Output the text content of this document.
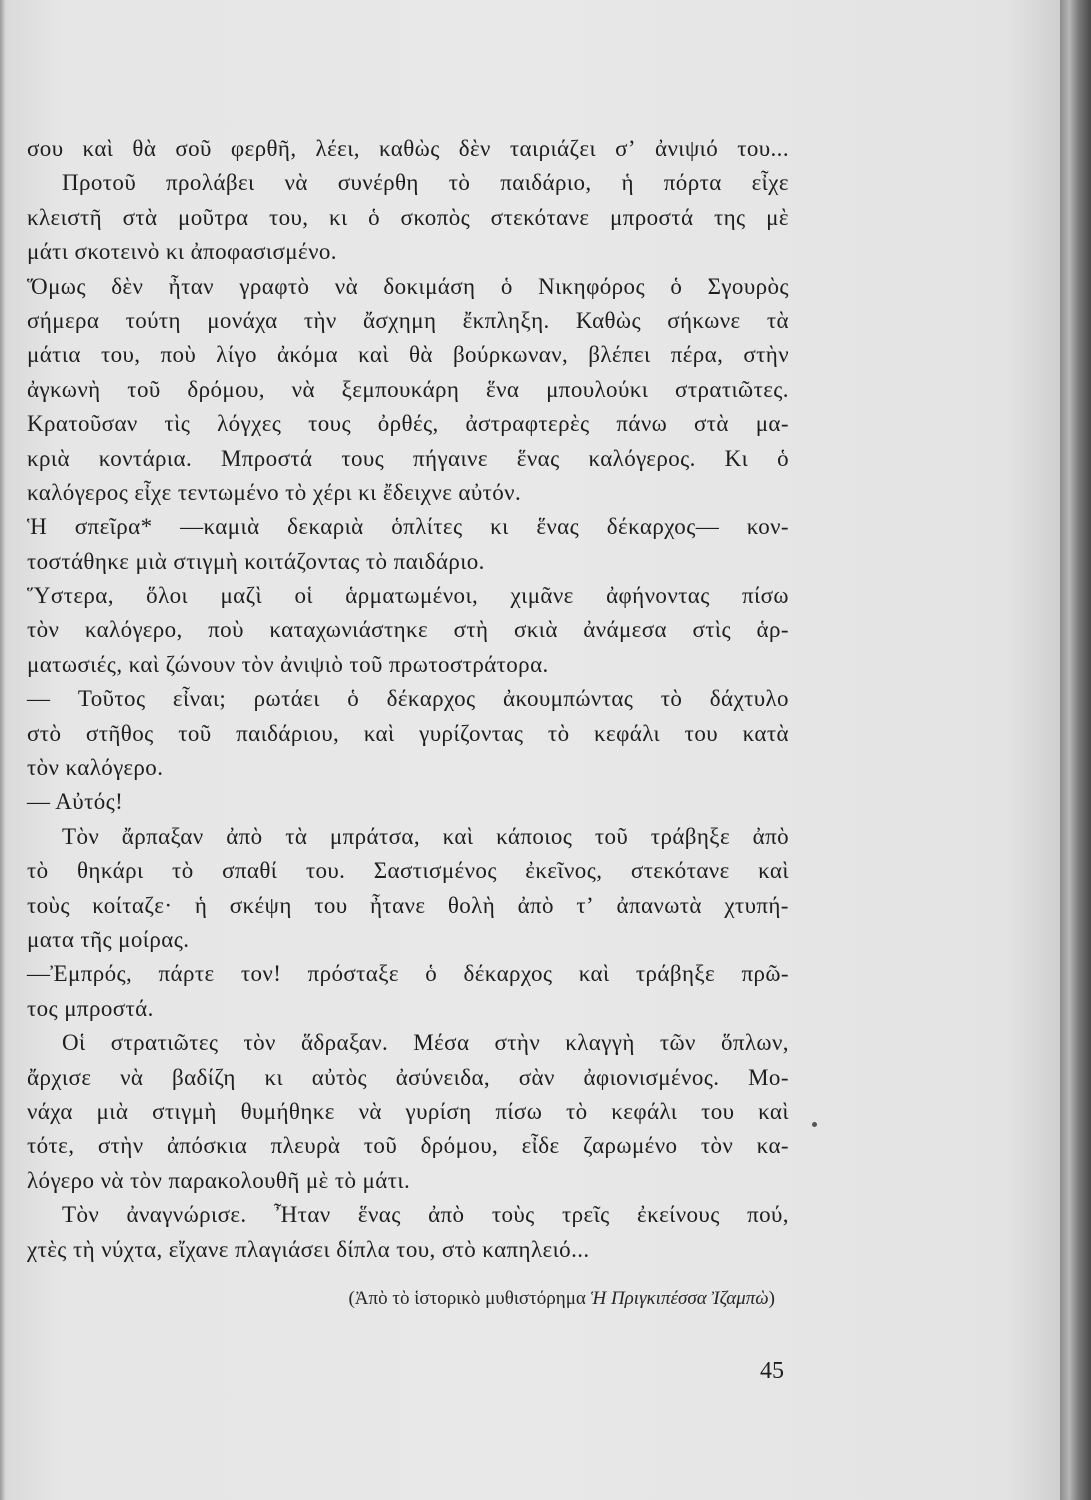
σου καὶ θὰ σοῦ φερθῆ, λέει, καθὼς δὲν ταιριάζει σ’ ἀνιψιό του...
Προτοῦ προλάβει νὰ συνέρθη τὸ παιδάριο, ἡ πόρτα εἶχε
κλειστῆ στὰ μοῦτρα του, κι ὁ σκοπὸς στεκότανε μπροστά της μὲ
μάτι σκοτεινὸ κι ἀποφασισμένο.
Ὅμως δὲν ἦταν γραφτὸ νὰ δοκιμάση ὁ Νικηφόρος ὁ Σγουρὸς
σήμερα τούτη μονάχα τὴν ἄσχημη ἔκπληξη. Καθὼς σήκωνε τὰ
μάτια του, ποὺ λίγο ἀκόμα καὶ θὰ βούρκωναν, βλέπει πέρα, στὴν
ἀγκωνὴ τοῦ δρόμου, νὰ ξεμπουκάρη ἕνα μπουλούκι στρατιῶτες.
Κρατοῦσαν τὶς λόγχες τους ὀρθές, ἀστραφτερὲς πάνω στὰ μα-
κριὰ κοντάρια. Μπροστά τους πήγαινε ἕνας καλόγερος. Κι ὁ
καλόγερος εἶχε τεντωμένο τὸ χέρι κι ἔδειχνε αὐτόν.
Ἡ σπεῖρα* —καμιὰ δεκαριὰ ὁπλίτες κι ἕνας δέκαρχος— κον-
τοστάθηκε μιὰ στιγμὴ κοιτάζοντας τὸ παιδάριο.
Ὕστερα, ὅλοι μαζὶ οἱ ἁρματωμένοι, χιμᾶνε ἀφήνοντας πίσω
τὸν καλόγερο, ποὺ καταχωνιάστηκε στὴ σκιὰ ἀνάμεσα στὶς ἁρ-
ματωσιές, καὶ ζώνουν τὸν ἀνιψιὸ τοῦ πρωτοστράτορα.
— Τοῦτος εἶναι; ρωτάει ὁ δέκαρχος ἀκουμπώντας τὸ δάχτυλο
στὸ στῆθος τοῦ παιδάριου, καὶ γυρίζοντας τὸ κεφάλι του κατὰ
τὸν καλόγερο.
— Αὐτός!
Τὸν ἄρπαξαν ἀπὸ τὰ μπράτσα, καὶ κάποιος τοῦ τράβηξε ἀπὸ
τὸ θηκάρι τὸ σπαθί του. Σαστισμένος ἐκεῖνος, στεκότανε καὶ
τοὺς κοίταζε· ἡ σκέψη του ἦτανε θολὴ ἀπὸ τ’ ἀπανωτὰ χτυπή-
ματα τῆς μοίρας.
—Ἐμπρός, πάρτε τον! πρόσταξε ὁ δέκαρχος καὶ τράβηξε πρῶ-
τος μπροστά.
Οἱ στρατιῶτες τὸν ἅδραξαν. Μέσα στὴν κλαγγὴ τῶν ὅπλων,
ἄρχισε νὰ βαδίζη κι αὐτὸς ἀσύνειδα, σὰν ἀφιονισμένος. Μο-
νάχα μιὰ στιγμὴ θυμήθηκε νὰ γυρίση πίσω τὸ κεφάλι του καὶ
τότε, στὴν ἀπόσκια πλευρὰ τοῦ δρόμου, εἶδε ζαρωμένο τὸν κα-
λόγερο νὰ τὸν παρακολουθῆ μὲ τὸ μάτι.
Τὸν ἀναγνώρισε. Ἦταν ἕνας ἀπὸ τοὺς τρεῖς ἐκείνους πού,
χτὲς τὴ νύχτα, εἴχανε πλαγιάσει δίπλα του, στὸ καπηλειό...
(Ἀπὸ τὸ ἱστορικὸ μυθιστόρημα Ἡ Πριγκιπέσσα Ἰζαμπὼ)
45
